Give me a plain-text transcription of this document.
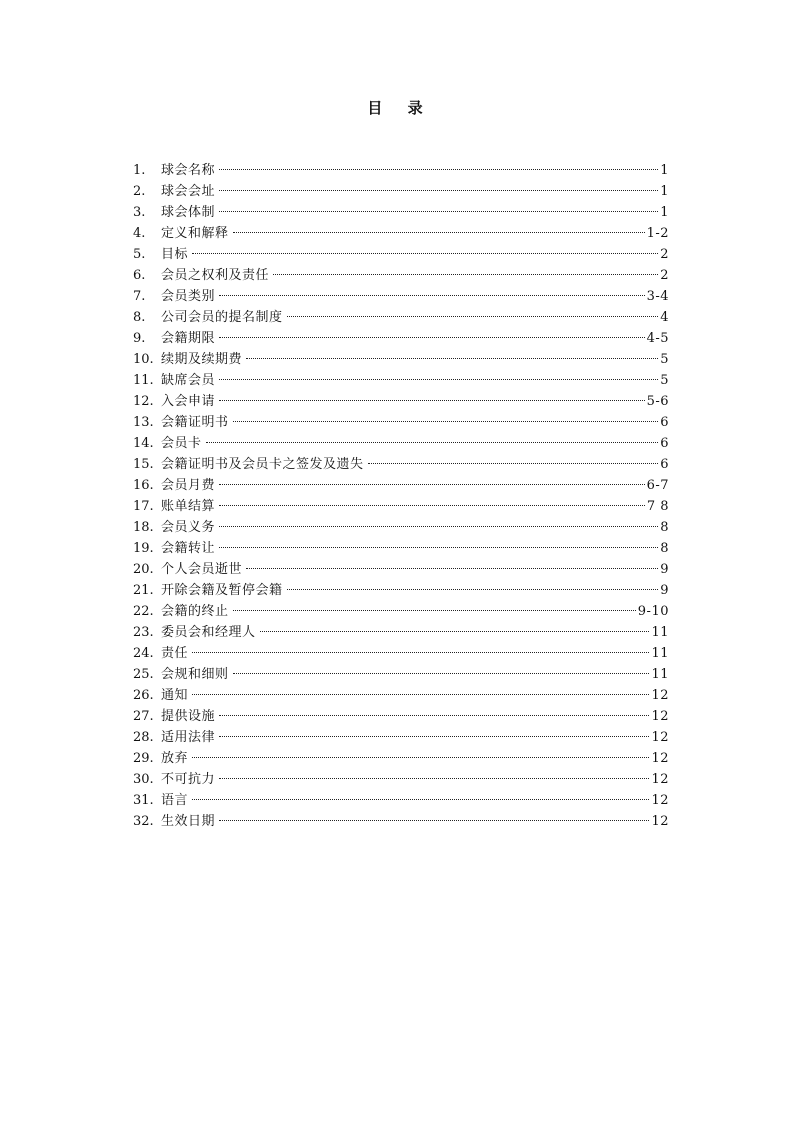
目 录
1.	球会名称	1
2.	球会会址	1
3.	球会体制	1
4.	定义和解释	1-2
5.	目标	2
6.	会员之权利及责任	2
7.	会员类别	3-4
8.	公司会员的提名制度	4
9.	会籍期限	4-5
10. 续期及续期费	5
11. 缺席会员	5
12. 入会申请	5-6
13. 会籍证明书	6
14. 会员卡	6
15. 会籍证明书及会员卡之签发及遗失	6
16. 会员月费	6-7
17. 账单结算	7 8
18. 会员义务	8
19. 会籍转让	8
20. 个人会员逝世	9
21. 开除会籍及暂停会籍	9
22. 会籍的终止	9-10
23. 委员会和经理人	11
24. 责任	11
25. 会规和细则	11
26. 通知	12
27. 提供设施	12
28. 适用法律	12
29. 放弃	12
30. 不可抗力	12
31. 语言	12
32. 生效日期	12
